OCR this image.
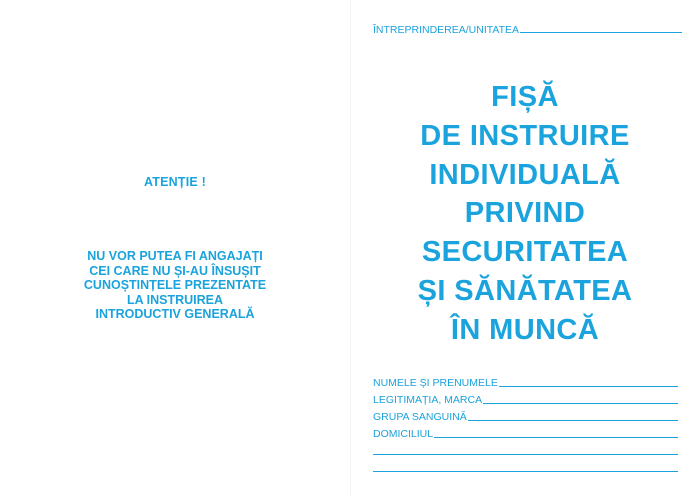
ATENȚIE !
NU VOR PUTEA FI ANGAJAȚI
CEI CARE NU ȘI-AU ÎNSUȘIT
CUNOȘTINȚELE PREZENTATE
LA INSTRUIREA
INTRODUCTIV GENERALĂ
ÎNTREPRINDEREA/UNITATEA
FIȘĂ
DE INSTRUIRE
INDIVIDUALĂ
PRIVIND
SECURITATEA
ȘI SĂNĂTATEA
ÎN MUNCĂ
NUMELE ȘI PRENUMELE
LEGITIMAȚIA, MARCA
GRUPA SANGUINĂ
DOMICILIUL
